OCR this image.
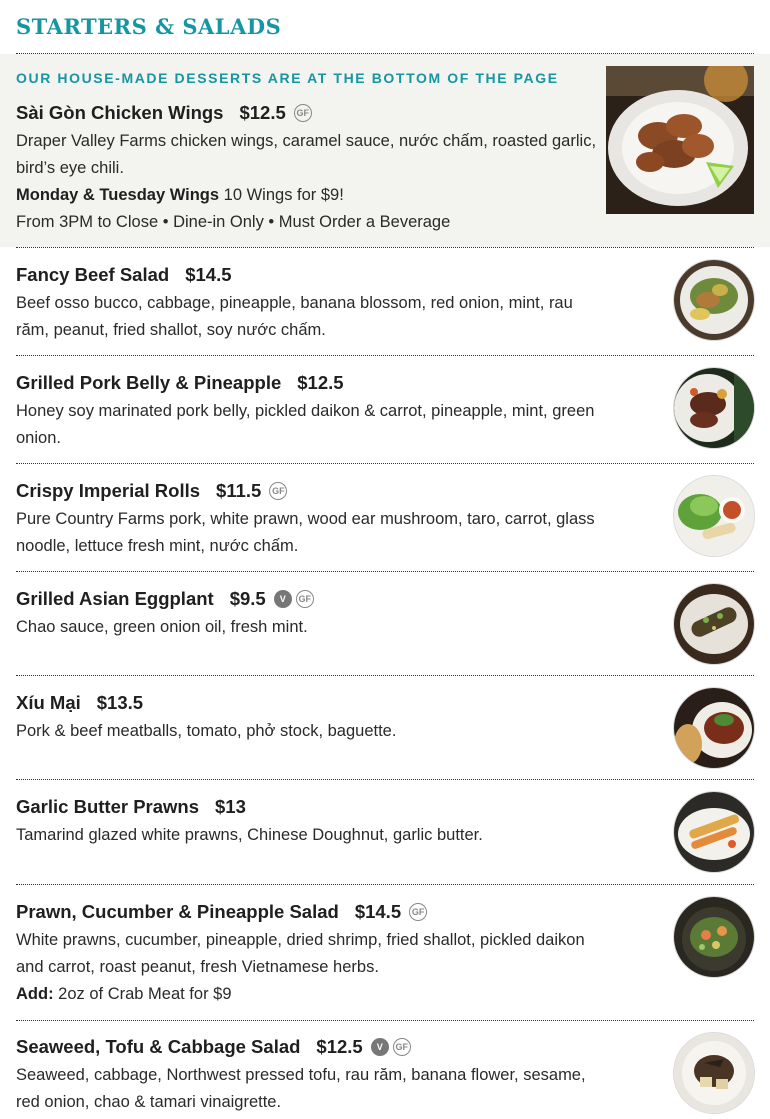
STARTERS & SALADS
OUR HOUSE-MADE DESSERTS ARE AT THE BOTTOM OF THE PAGE
Sài Gòn Chicken Wings $12.5	GF
Draper Valley Farms chicken wings, caramel sauce, nước chấm, roasted garlic, bird’s eye chili.
Monday & Tuesday Wings 10 Wings for $9!
From 3PM to Close • Dine-in Only • Must Order a Beverage
Fancy Beef Salad $14.5
Beef osso bucco, cabbage, pineapple, banana blossom, red onion, mint, rau răm, peanut, fried shallot, soy nước chấm.
Grilled Pork Belly & Pineapple $12.5
Honey soy marinated pork belly, pickled daikon & carrot, pineapple, mint, green onion.
Crispy Imperial Rolls $11.5	GF
Pure Country Farms pork, white prawn, wood ear mushroom, taro, carrot, glass noodle, lettuce fresh mint, nước chấm.
Grilled Asian Eggplant $9.5	V	GF
Chao sauce, green onion oil, fresh mint.
Xíu Mại $13.5
Pork & beef meatballs, tomato, phở stock, baguette.
Garlic Butter Prawns $13
Tamarind glazed white prawns, Chinese Doughnut, garlic butter.
Prawn, Cucumber & Pineapple Salad $14.5	GF
White prawns, cucumber, pineapple, dried shrimp, fried shallot, pickled daikon and carrot, roast peanut, fresh Vietnamese herbs.
Add: 2oz of Crab Meat for $9
Seaweed, Tofu & Cabbage Salad $12.5	V	GF
Seaweed, cabbage, Northwest pressed tofu, rau răm, banana flower, sesame, red onion, chao & tamari vinaigrette.
